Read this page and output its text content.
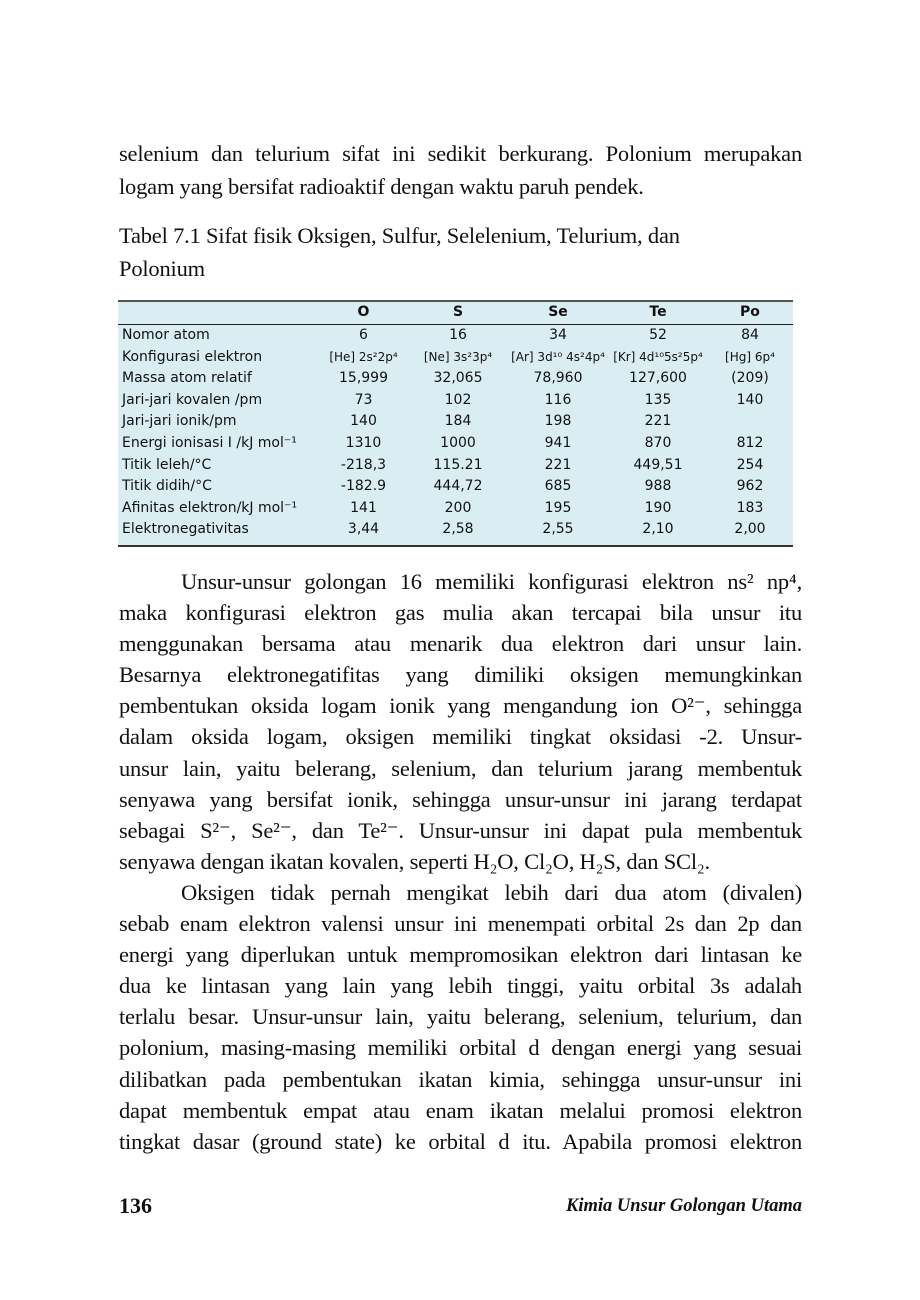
selenium dan telurium sifat ini sedikit berkurang. Polonium merupakan
logam yang bersifat radioaktif dengan waktu paruh pendek.
Tabel 7.1 Sifat fisik Oksigen, Sulfur, Selelenium, Telurium, dan
Polonium
	O	S	Se	Te	Po
Nomor atom	6	16	34	52	84
Konfigurasi elektron	[He] 2s²2p⁴	[Ne] 3s²3p⁴	[Ar] 3d¹⁰ 4s²4p⁴	[Kr] 4d¹⁰5s²5p⁴	[Hg] 6p⁴
Massa atom relatif	15,999	32,065	78,960	127,600	(209)
Jari-jari kovalen /pm	73	102	116	135	140
Jari-jari ionik/pm	140	184	198	221	
Energi ionisasi I /kJ mol⁻¹	1310	1000	941	870	812
Titik leleh/°C	-218,3	115.21	221	449,51	254
Titik didih/°C	-182.9	444,72	685	988	962
Afinitas elektron/kJ mol⁻¹	141	200	195	190	183
Elektronegativitas	3,44	2,58	2,55	2,10	2,00
Unsur-unsur golongan 16 memiliki konfigurasi elektron ns² np⁴,
maka konfigurasi elektron gas mulia akan tercapai bila unsur itu
menggunakan bersama atau menarik dua elektron dari unsur lain.
Besarnya elektronegatifitas yang dimiliki oksigen memungkinkan
pembentukan oksida logam ionik yang mengandung ion O²⁻, sehingga
dalam oksida logam, oksigen memiliki tingkat oksidasi -2. Unsur-
unsur lain, yaitu belerang, selenium, dan telurium jarang membentuk
senyawa yang bersifat ionik, sehingga unsur-unsur ini jarang terdapat
sebagai S²⁻, Se²⁻, dan Te²⁻. Unsur-unsur ini dapat pula membentuk
senyawa dengan ikatan kovalen, seperti H₂O, Cl₂O, H₂S, dan SCl₂.
Oksigen tidak pernah mengikat lebih dari dua atom (divalen)
sebab enam elektron valensi unsur ini menempati orbital 2s dan 2p dan
energi yang diperlukan untuk mempromosikan elektron dari lintasan ke
dua ke lintasan yang lain yang lebih tinggi, yaitu orbital 3s adalah
terlalu besar. Unsur-unsur lain, yaitu belerang, selenium, telurium, dan
polonium, masing-masing memiliki orbital d dengan energi yang sesuai
dilibatkan pada pembentukan ikatan kimia, sehingga unsur-unsur ini
dapat membentuk empat atau enam ikatan melalui promosi elektron
tingkat dasar (ground state) ke orbital d itu. Apabila promosi elektron
136	Kimia Unsur Golongan Utama
